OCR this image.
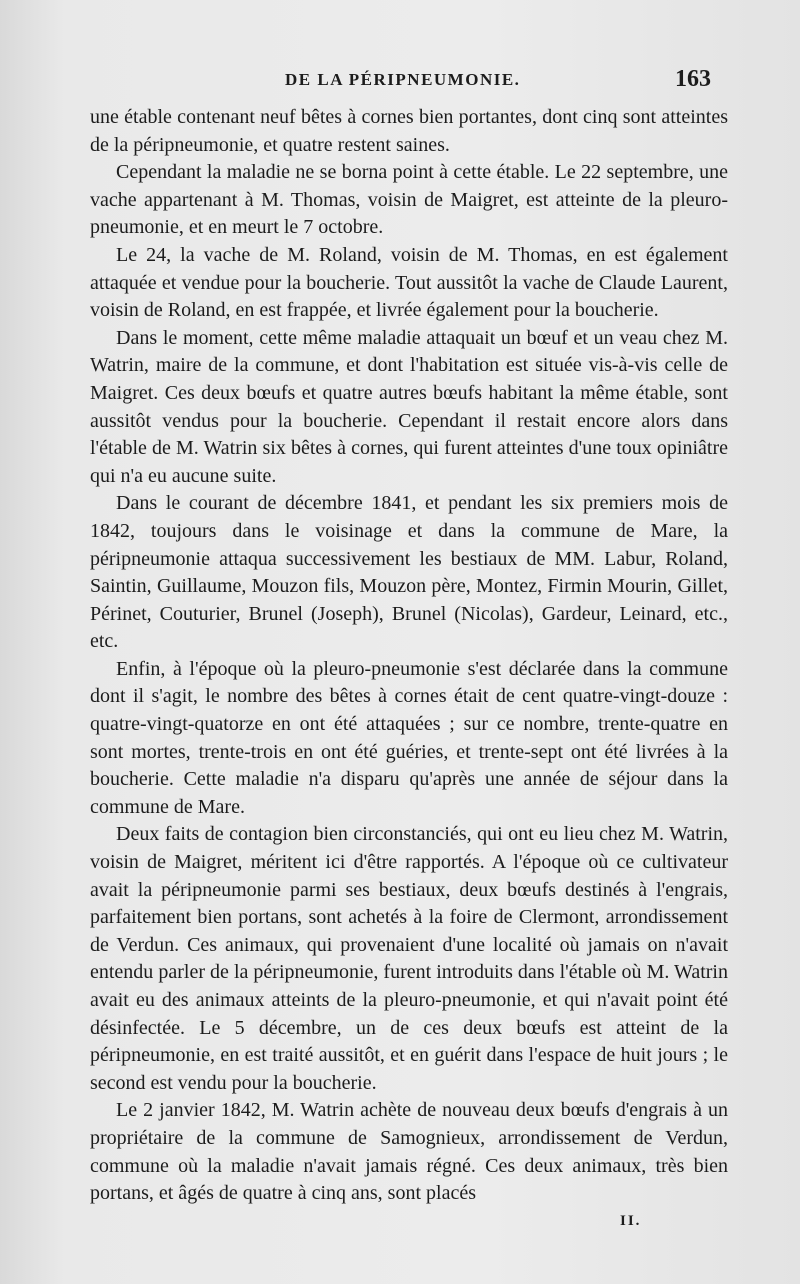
DE LA PÉRIPNEUMONIE.	163

une étable contenant neuf bêtes à cornes bien portantes, dont cinq sont atteintes de la péripneumonie, et quatre restent saines.

Cependant la maladie ne se borna point à cette étable. Le 22 septembre, une vache appartenant à M. Thomas, voisin de Maigret, est atteinte de la pleuro-pneumonie, et en meurt le 7 octobre.

Le 24, la vache de M. Roland, voisin de M. Thomas, en est également attaquée et vendue pour la boucherie. Tout aussitôt la vache de Claude Laurent, voisin de Roland, en est frappée, et livrée également pour la boucherie.

Dans le moment, cette même maladie attaquait un bœuf et un veau chez M. Watrin, maire de la commune, et dont l'habitation est située vis-à-vis celle de Maigret. Ces deux bœufs et quatre autres bœufs habitant la même étable, sont aussitôt vendus pour la boucherie. Cependant il restait encore alors dans l'étable de M. Watrin six bêtes à cornes, qui furent atteintes d'une toux opiniâtre qui n'a eu aucune suite.

Dans le courant de décembre 1841, et pendant les six premiers mois de 1842, toujours dans le voisinage et dans la commune de Mare, la péripneumonie attaqua successivement les bestiaux de MM. Labur, Roland, Saintin, Guillaume, Mouzon fils, Mouzon père, Montez, Firmin Mourin, Gillet, Périnet, Couturier, Brunel (Joseph), Brunel (Nicolas), Gardeur, Leinard, etc., etc.

Enfin, à l'époque où la pleuro-pneumonie s'est déclarée dans la commune dont il s'agit, le nombre des bêtes à cornes était de cent quatre-vingt-douze : quatre-vingt-quatorze en ont été attaquées ; sur ce nombre, trente-quatre en sont mortes, trente-trois en ont été guéries, et trente-sept ont été livrées à la boucherie. Cette maladie n'a disparu qu'après une année de séjour dans la commune de Mare.

Deux faits de contagion bien circonstanciés, qui ont eu lieu chez M. Watrin, voisin de Maigret, méritent ici d'être rapportés. A l'époque où ce cultivateur avait la péripneumonie parmi ses bestiaux, deux bœufs destinés à l'engrais, parfaitement bien portans, sont achetés à la foire de Clermont, arrondissement de Verdun. Ces animaux, qui provenaient d'une localité où jamais on n'avait entendu parler de la péripneumonie, furent introduits dans l'étable où M. Watrin avait eu des animaux atteints de la pleuro-pneumonie, et qui n'avait point été désinfectée. Le 5 décembre, un de ces deux bœufs est atteint de la péripneumonie, en est traité aussitôt, et en guérit dans l'espace de huit jours ; le second est vendu pour la boucherie.

Le 2 janvier 1842, M. Watrin achète de nouveau deux bœufs d'engrais à un propriétaire de la commune de Samognieux, arrondissement de Verdun, commune où la maladie n'avait jamais régné. Ces deux animaux, très bien portans, et âgés de quatre à cinq ans, sont placés

II.
